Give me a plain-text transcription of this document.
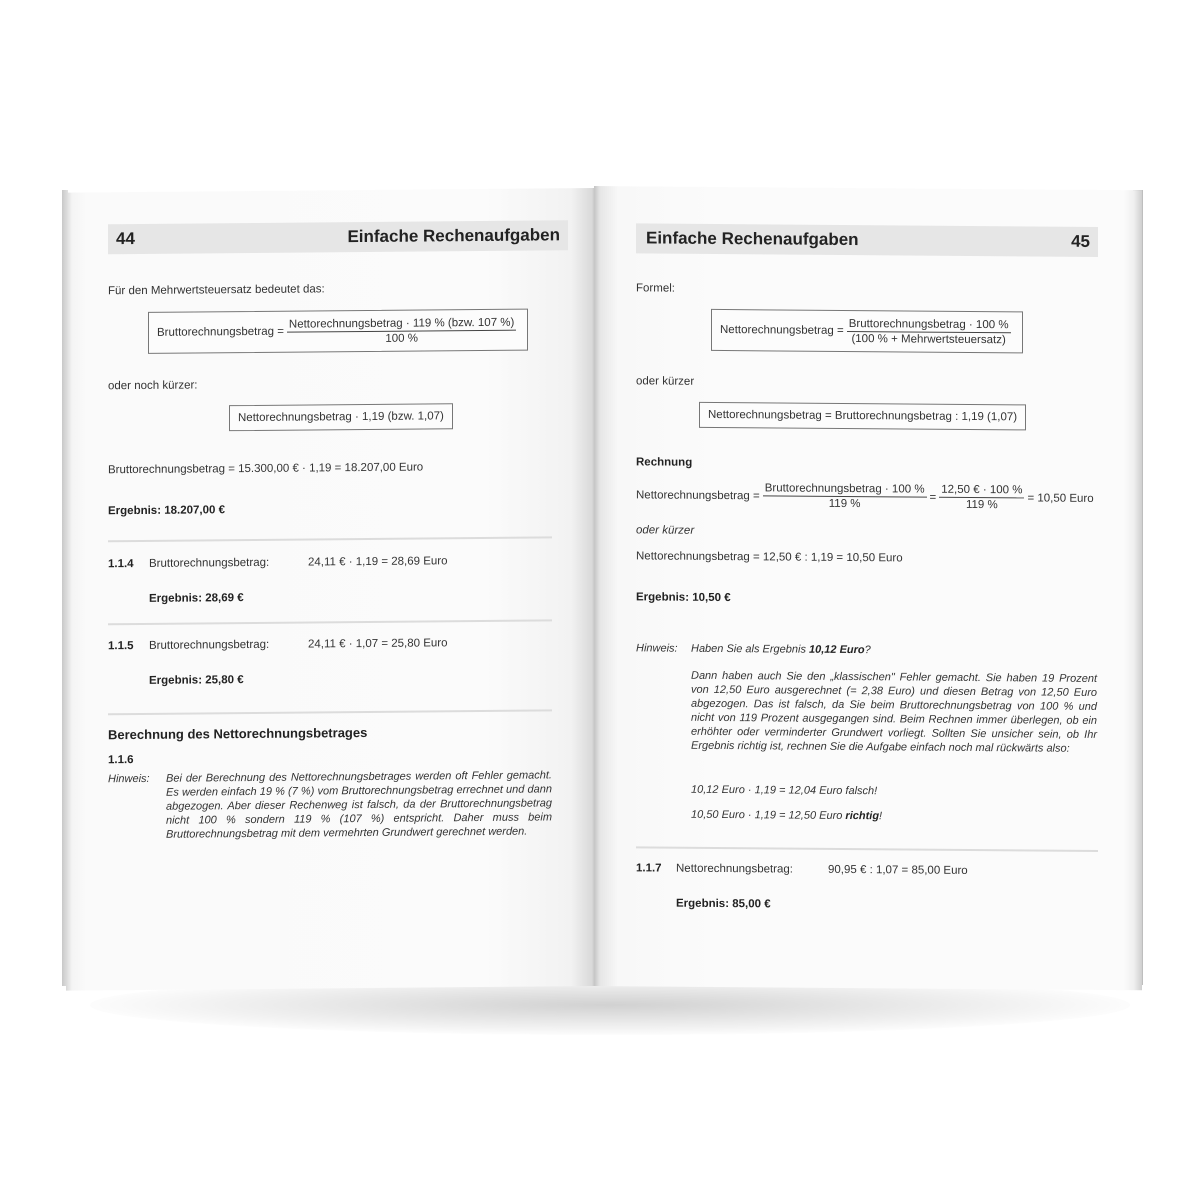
44	Einfache Rechenaufgaben
Für den Mehrwertsteuersatz bedeutet das:
Bruttorechnungsbetrag = $\frac{\text{Nettorechnungsbetrag · 119 \% (bzw. 107 \%)}}{100 \%}$
oder noch kürzer:
Nettorechnungsbetrag · 1,19 (bzw. 1,07)
Bruttorechnungsbetrag = 15.300,00 € · 1,19 = 18.207,00 Euro
Ergebnis: 18.207,00 €
1.1.4 Bruttorechnungsbetrag:	24,11 € · 1,19 = 28,69 Euro
Ergebnis: 28,69 €
1.1.5 Bruttorechnungsbetrag:	24,11 € · 1,07 = 25,80 Euro
Ergebnis: 25,80 €
Berechnung des Nettorechnungsbetrages
1.1.6
Hinweis: Bei der Berechnung des Nettorechnungsbetrages werden oft Fehler gemacht. Es werden einfach 19 % (7 %) vom Bruttorechnungsbetrag errechnet und dann abgezogen. Aber dieser Rechenweg ist falsch, da der Bruttorechnungsbetrag nicht 100 % sondern 119 % (107 %) entspricht. Daher muss beim Bruttorechnungsbetrag mit dem vermehrten Grundwert gerechnet werden.
Einfache Rechenaufgaben	45
Formel:
Nettorechnungsbetrag = $\frac{\text{Bruttorechnungsbetrag · 100 \%}}{\text{(100 \% + Mehrwertsteuersatz)}}$
oder kürzer
Nettorechnungsbetrag = Bruttorechnungsbetrag : 1,19 (1,07)
Rechnung
Nettorechnungsbetrag = $\frac{\text{Bruttorechnungsbetrag · 100 \%}}{119 \%} = \frac{12,50 € \cdot 100 \%}{119 \%} = 10,50$ Euro
oder kürzer
Nettorechnungsbetrag = 12,50 € : 1,19 = 10,50 Euro
Ergebnis: 10,50 €
Hinweis: Haben Sie als Ergebnis 10,12 Euro?
Dann haben auch Sie den „klassischen" Fehler gemacht. Sie haben 19 Prozent von 12,50 Euro ausgerechnet (= 2,38 Euro) und diesen Betrag von 12,50 Euro abgezogen. Das ist falsch, da Sie beim Bruttorechnungsbetrag von 100 % und nicht von 119 Prozent ausgegangen sind. Beim Rechnen immer überlegen, ob ein erhöhter oder verminderter Grundwert vorliegt. Sollten Sie unsicher sein, ob Ihr Ergebnis richtig ist, rechnen Sie die Aufgabe einfach noch mal rückwärts also:
10,12 Euro · 1,19 = 12,04 Euro falsch!
10,50 Euro · 1,19 = 12,50 Euro richtig!
1.1.7 Nettorechnungsbetrag:	90,95 € : 1,07 = 85,00 Euro
Ergebnis: 85,00 €
